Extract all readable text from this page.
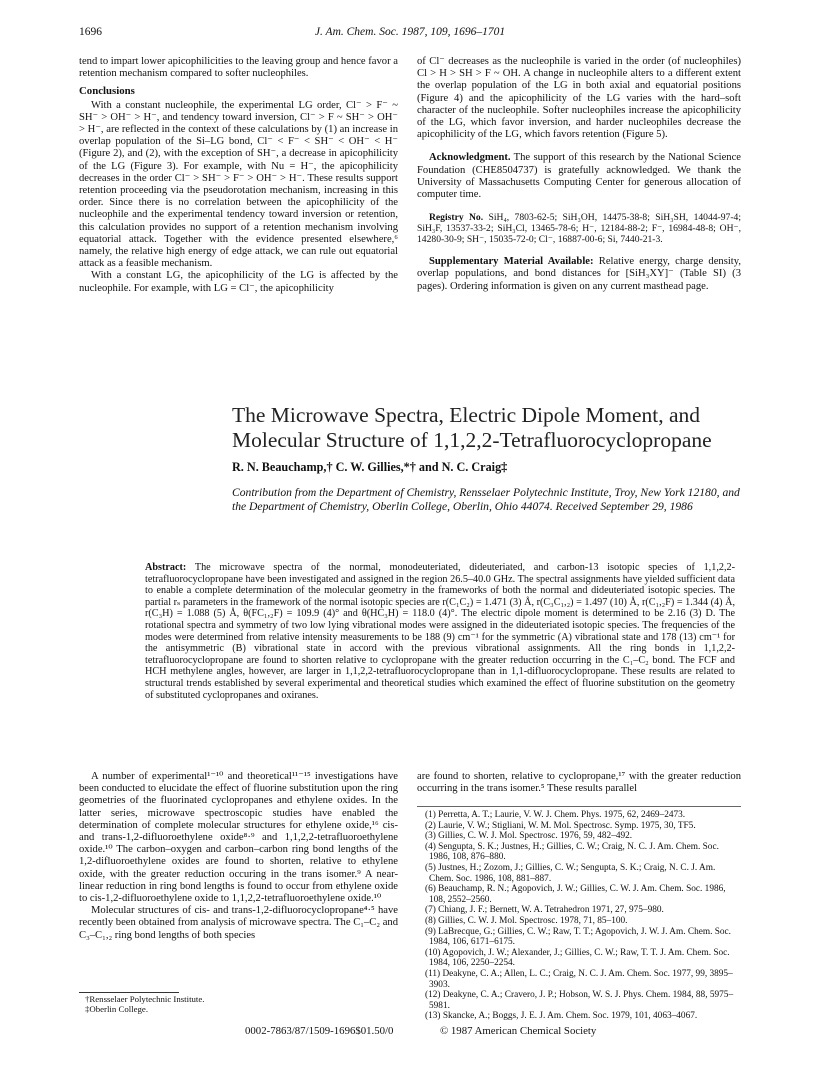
1696	J. Am. Chem. Soc. 1987, 109, 1696–1701

tend to impart lower apicophilicities to the leaving group and hence favor a retention mechanism compared to softer nucleophiles.

Conclusions

With a constant nucleophile, the experimental LG order, Cl⁻ > F⁻ ~ SH⁻ > OH⁻ > H⁻, and tendency toward inversion, Cl⁻ > F ~ SH⁻ > OH⁻ > H⁻, are reflected in the context of these calculations by (1) an increase in overlap population of the Si–LG bond, Cl⁻ < F⁻ < SH⁻ < OH⁻ < H⁻ (Figure 2), and (2), with the exception of SH⁻, a decrease in apicophilicity of the LG (Figure 3). For example, with Nu = H⁻, the apicophilicity decreases in the order Cl⁻ > SH⁻ > F⁻ > OH⁻ > H⁻. These results support retention proceeding via the pseudorotation mechanism, increasing in this order. Since there is no correlation between the apicophilicity of the nucleophile and the experimental tendency toward inversion or retention, this calculation provides no support of a retention mechanism involving equatorial attack. Together with the evidence presented elsewhere,⁶ namely, the relative high energy of edge attack, we can rule out equatorial attack as a feasible mechanism.

With a constant LG, the apicophilicity of the LG is affected by the nucleophile. For example, with LG = Cl⁻, the apicophilicity

of Cl⁻ decreases as the nucleophile is varied in the order (of nucleophiles) Cl > H > SH > F ~ OH. A change in nucleophile alters to a different extent the overlap population of the LG in both axial and equatorial positions (Figure 4) and the apicophilicity of the LG varies with the hard–soft character of the nucleophile. Softer nucleophiles increase the apicophilicity of the LG, which favor inversion, and harder nucleophiles decrease the apicophilicity of the LG, which favors retention (Figure 5).

Acknowledgment. The support of this research by the National Science Foundation (CHE8504737) is gratefully acknowledged. We thank the University of Massachusetts Computing Center for generous allocation of computer time.

Registry No. SiH₄, 7803-62-5; SiH₃OH, 14475-38-8; SiH₃SH, 14044-97-4; SiH₃F, 13537-33-2; SiH₃Cl, 13465-78-6; H⁻, 12184-88-2; F⁻, 16984-48-8; OH⁻, 14280-30-9; SH⁻, 15035-72-0; Cl⁻, 16887-00-6; Si, 7440-21-3.

Supplementary Material Available: Relative energy, charge density, overlap populations, and bond distances for [SiH₃XY]⁻ (Table SI) (3 pages). Ordering information is given on any current masthead page.

The Microwave Spectra, Electric Dipole Moment, and
Molecular Structure of 1,1,2,2-Tetrafluorocyclopropane
R. N. Beauchamp,† C. W. Gillies,*† and N. C. Craig‡
Contribution from the Department of Chemistry, Rensselaer Polytechnic Institute, Troy, New York 12180, and the Department of Chemistry, Oberlin College, Oberlin, Ohio 44074. Received September 29, 1986
Abstract: The microwave spectra of the normal, monodeuteriated, dideuteriated, and carbon-13 isotopic species of 1,1,2,2-tetrafluorocyclopropane have been investigated and assigned in the region 26.5–40.0 GHz. The spectral assignments have yielded sufficient data to enable a complete determination of the molecular geometry in the frameworks of both the normal and dideuteriated isotopic species. The partial rₛ parameters in the framework of the normal isotopic species are r(C₁C₂) = 1.471 (3) Å, r(C₃C₁,₂) = 1.497 (10) Å, r(C₁,₂F) = 1.344 (4) Å, r(C₃H) = 1.088 (5) Å, θ(FC₁,₂F) = 109.9 (4)° and θ(HC₃H) = 118.0 (4)°. The electric dipole moment is determined to be 2.16 (3) D. The rotational spectra and symmetry of two low lying vibrational modes were assigned in the dideuteriated isotopic species. The frequencies of the modes were determined from relative intensity measurements to be 188 (9) cm⁻¹ for the symmetric (A) vibrational state and 178 (13) cm⁻¹ for the antisymmetric (B) vibrational state in accord with the previous vibrational assignments. All the ring bonds in 1,1,2,2-tetrafluorocyclopropane are found to shorten relative to cyclopropane with the greater reduction occurring in the C₁–C₂ bond. The FCF and HCH methylene angles, however, are larger in 1,1,2,2-tetrafluorocyclopropane than in 1,1-difluorocyclopropane. These results are related to structural trends established by several experimental and theoretical studies which examined the effect of fluorine substitution on the geometry of substituted cyclopropanes and oxiranes.

A number of experimental¹⁻¹⁰ and theoretical¹¹⁻¹⁵ investigations have been conducted to elucidate the effect of fluorine substitution upon the ring geometries of the fluorinated cyclopropanes and ethylene oxides. In the latter series, microwave spectroscopic studies have enabled the determination of complete molecular structures for ethylene oxide,¹⁶ cis- and trans-1,2-difluoroethylene oxide⁸·⁹ and 1,1,2,2-tetrafluoroethylene oxide.¹⁰ The carbon–oxygen and carbon–carbon ring bond lengths of the 1,2-difluoroethylene oxides are found to shorten, relative to ethylene oxide, with the greater reduction occuring in the trans isomer.⁹ A near-linear reduction in ring bond lengths is found to occur from ethylene oxide to cis-1,2-difluoroethylene oxide to 1,1,2,2-tetrafluoroethylene oxide.¹⁰

Molecular structures of cis- and trans-1,2-difluorocyclopropane⁴·⁵ have recently been obtained from analysis of microwave spectra. The C₁–C₂ and C₃–C₁,₂ ring bond lengths of both species

†Rensselaer Polytechnic Institute.
‡Oberlin College.

are found to shorten, relative to cyclopropane,¹⁷ with the greater reduction occurring in the trans isomer.⁵ These results parallel

(1) Perretta, A. T.; Laurie, V. W. J. Chem. Phys. 1975, 62, 2469–2473.
(2) Laurie, V. W.; Stigliani, W. M. Mol. Spectrosc. Symp. 1975, 30, TF5.
(3) Gillies, C. W. J. Mol. Spectrosc. 1976, 59, 482–492.
(4) Sengupta, S. K.; Justnes, H.; Gillies, C. W.; Craig, N. C. J. Am. Chem. Soc. 1986, 108, 876–880.
(5) Justnes, H.; Zozom, J.; Gillies, C. W.; Sengupta, S. K.; Craig, N. C. J. Am. Chem. Soc. 1986, 108, 881–887.
(6) Beauchamp, R. N.; Agopovich, J. W.; Gillies, C. W. J. Am. Chem. Soc. 1986, 108, 2552–2560.
(7) Chiang, J. F.; Bernett, W. A. Tetrahedron 1971, 27, 975–980.
(8) Gillies, C. W. J. Mol. Spectrosc. 1978, 71, 85–100.
(9) LaBrecque, G.; Gillies, C. W.; Raw, T. T.; Agopovich, J. W. J. Am. Chem. Soc. 1984, 106, 6171–6175.
(10) Agopovich, J. W.; Alexander, J.; Gillies, C. W.; Raw, T. T. J. Am. Chem. Soc. 1984, 106, 2250–2254.
(11) Deakyne, C. A.; Allen, L. C.; Craig, N. C. J. Am. Chem. Soc. 1977, 99, 3895–3903.
(12) Deakyne, C. A.; Cravero, J. P.; Hobson, W. S. J. Phys. Chem. 1984, 88, 5975–5981.
(13) Skancke, A.; Boggs, J. E. J. Am. Chem. Soc. 1979, 101, 4063–4067.
0002-7863/87/1509-1696$01.50/0	© 1987 American Chemical Society
